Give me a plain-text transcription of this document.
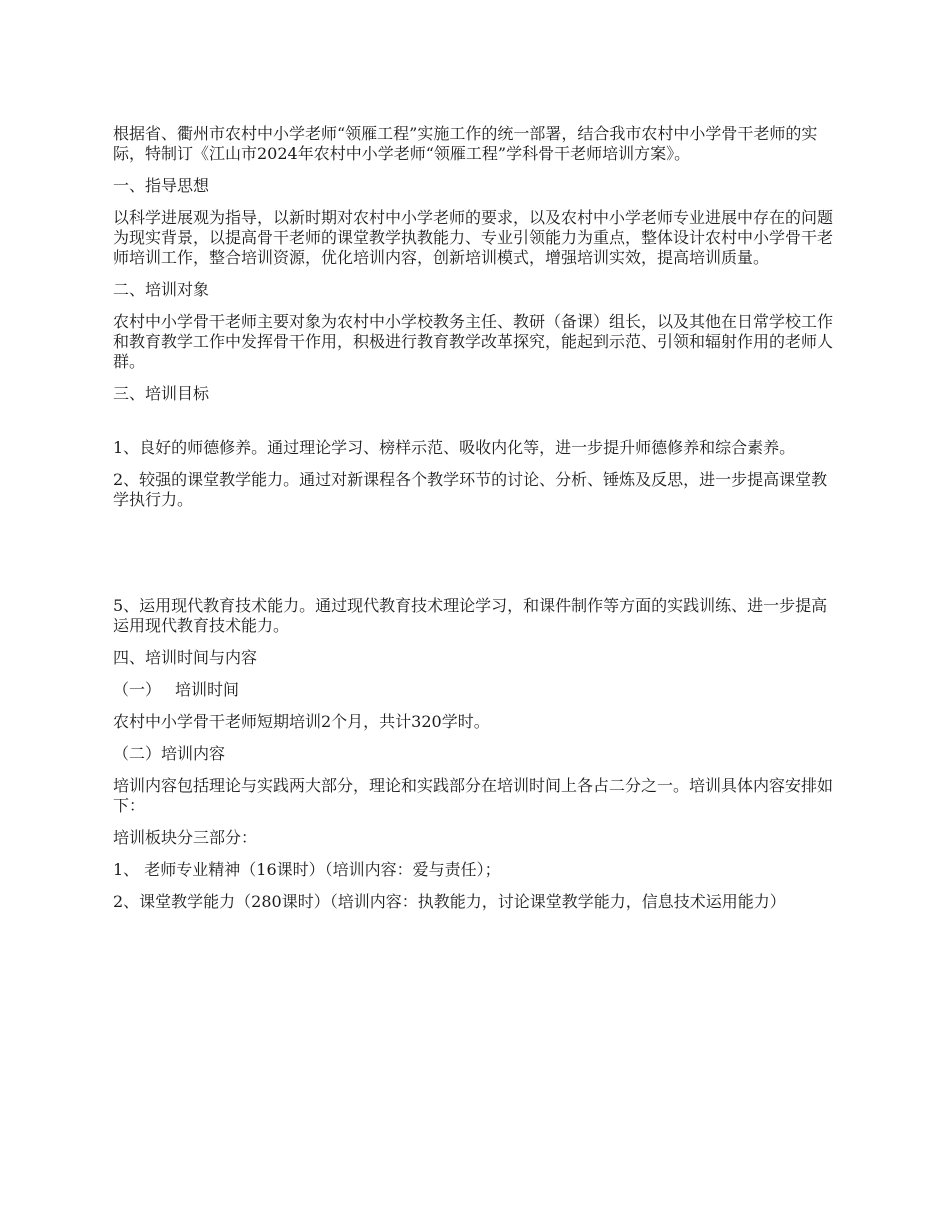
根据省、衢州市农村中小学老师“领雁工程”实施工作的统一部署，结合我市农村中小学骨干老师的实际，特制订《江山市2024年农村中小学老师“领雁工程”学科骨干老师培训方案》。

一、指导思想

以科学进展观为指导，以新时期对农村中小学老师的要求，以及农村中小学老师专业进展中存在的问题为现实背景，以提高骨干老师的课堂教学执教能力、专业引领能力为重点，整体设计农村中小学骨干老师培训工作，整合培训资源，优化培训内容，创新培训模式，增强培训实效，提高培训质量。

二、培训对象

农村中小学骨干老师主要对象为农村中小学校教务主任、教研（备课）组长，以及其他在日常学校工作和教育教学工作中发挥骨干作用，积极进行教育教学改革探究，能起到示范、引领和辐射作用的老师人群。

三、培训目标

1、良好的师德修养。通过理论学习、榜样示范、吸收内化等，进一步提升师德修养和综合素养。

2、较强的课堂教学能力。通过对新课程各个教学环节的讨论、分析、锤炼及反思，进一步提高课堂教学执行力。

5、运用现代教育技术能力。通过现代教育技术理论学习，和课件制作等方面的实践训练、进一步提高运用现代教育技术能力。

四、培训时间与内容

（一） 培训时间

农村中小学骨干老师短期培训2个月，共计320学时。

（二）培训内容

培训内容包括理论与实践两大部分，理论和实践部分在培训时间上各占二分之一。培训具体内容安排如下：

培训板块分三部分：

1、 老师专业精神（16课时）（培训内容：爱与责任）；

2、课堂教学能力（280课时）（培训内容：执教能力，讨论课堂教学能力，信息技术运用能力）
